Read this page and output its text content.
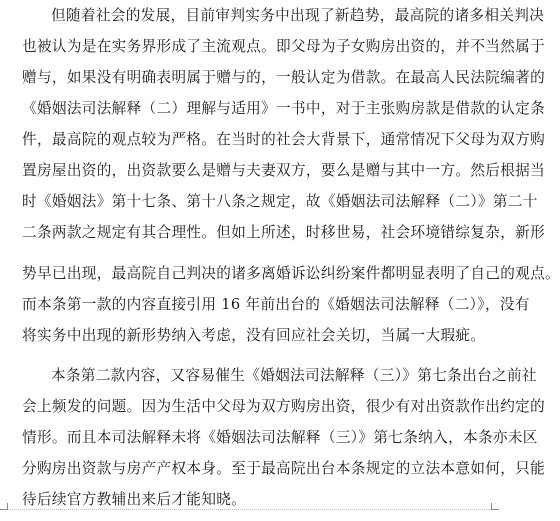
但随着社会的发展，目前审判实务中出现了新趋势，最高院的诸多相关判决
也被认为是在实务界形成了主流观点。即父母为子女购房出资的，并不当然属于
赠与，如果没有明确表明属于赠与的，一般认定为借款。在最高人民法院编著的
《婚姻法司法解释（二）理解与适用》一书中，对于主张购房款是借款的认定条
件，最高院的观点较为严格。在当时的社会大背景下，通常情况下父母为双方购
置房屋出资的，出资款要么是赠与夫妻双方，要么是赠与其中一方。然后根据当
时《婚姻法》第十七条、第十八条之规定，故《婚姻法司法解释（二）》第二十
二条两款之规定有其合理性。但如上所述，时移世易，社会环境错综复杂，新形
势早已出现，最高院自己判决的诸多离婚诉讼纠纷案件都明显表明了自己的观点。
而本条第一款的内容直接引用 16 年前出台的《婚姻法司法解释（二）》，没有
将实务中出现的新形势纳入考虑，没有回应社会关切，当属一大瑕疵。
本条第二款内容，又容易催生《婚姻法司法解释（三）》第七条出台之前社
会上频发的问题。因为生活中父母为双方购房出资，很少有对出资款作出约定的
情形。而且本司法解释未将《婚姻法司法解释（三）》第七条纳入，本条亦未区
分购房出资款与房产产权本身。至于最高院出台本条规定的立法本意如何，只能
待后续官方教辅出来后才能知晓。
